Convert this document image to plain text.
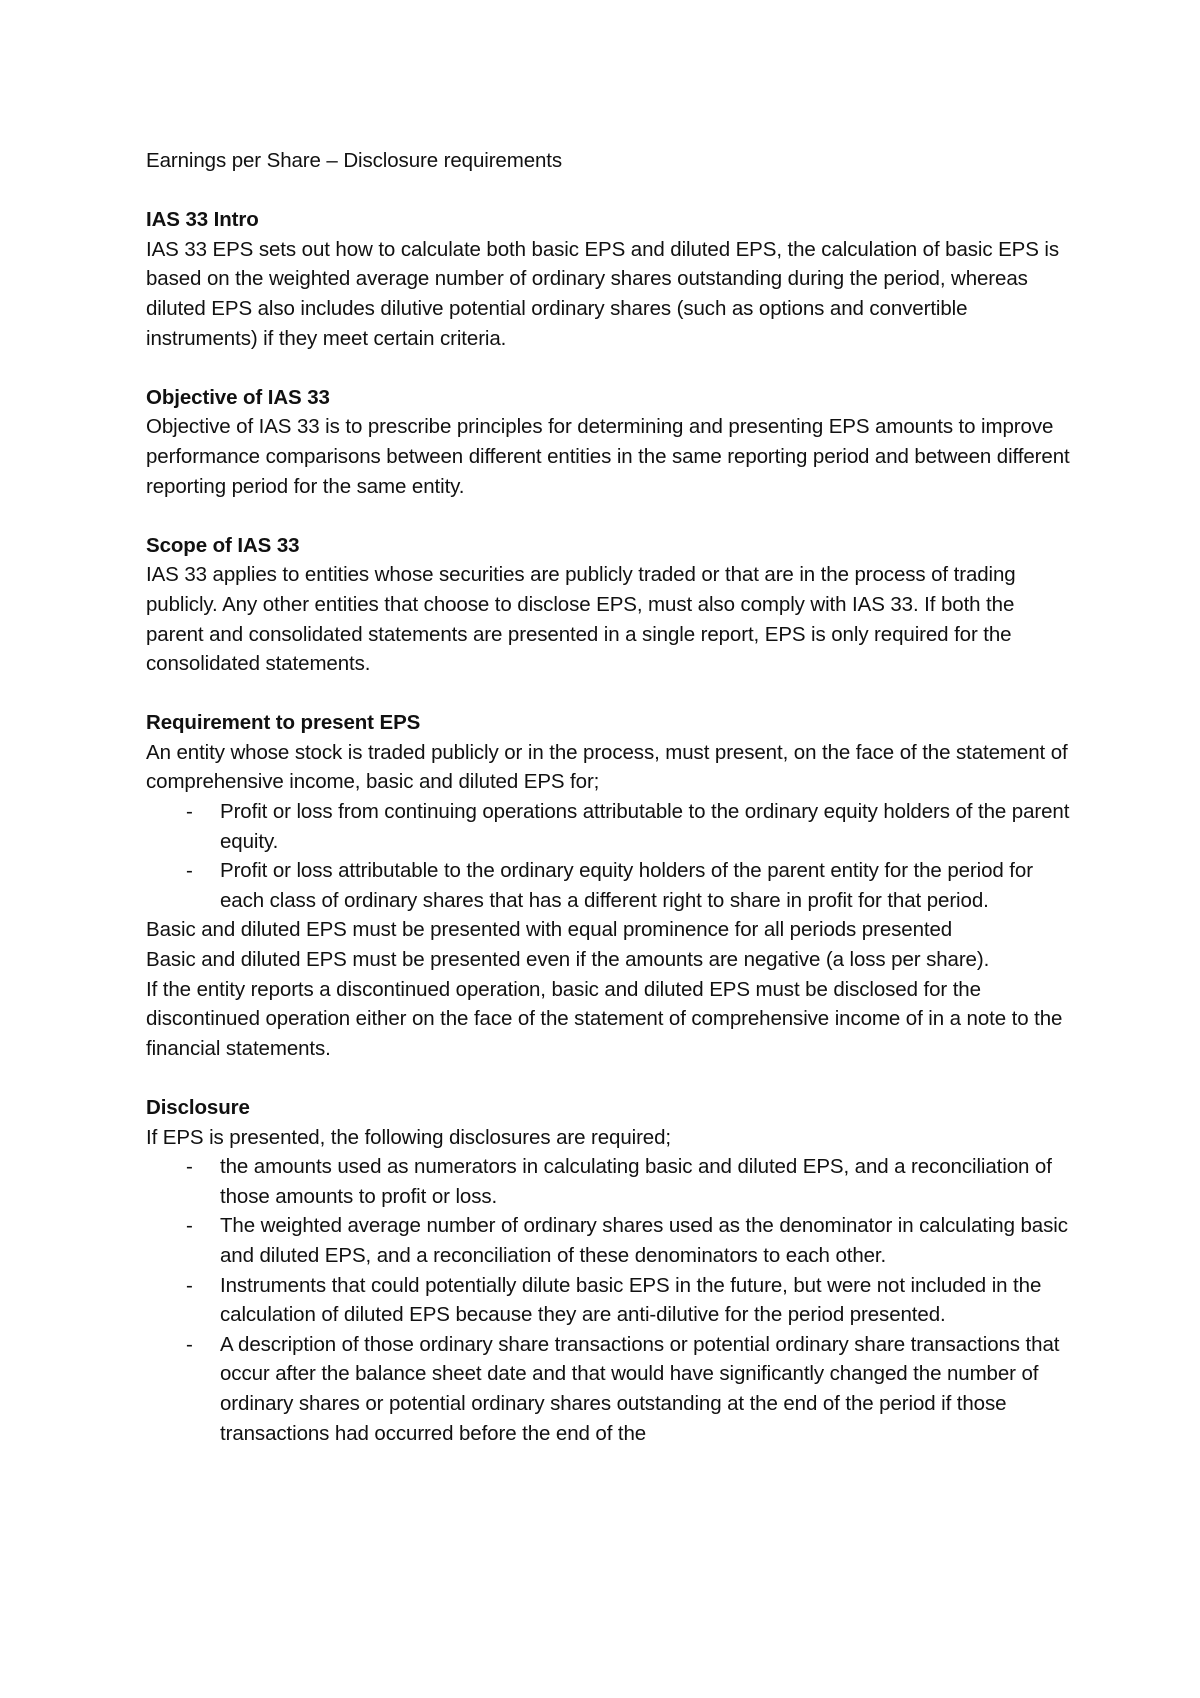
Earnings per Share – Disclosure requirements

IAS 33 Intro

IAS 33 EPS sets out how to calculate both basic EPS and diluted EPS, the calculation of basic EPS is based on the weighted average number of ordinary shares outstanding during the period, whereas diluted EPS also includes dilutive potential ordinary shares (such as options and convertible instruments) if they meet certain criteria.

Objective of IAS 33

Objective of IAS 33 is to prescribe principles for determining and presenting EPS amounts to improve performance comparisons between different entities in the same reporting period and between different reporting period for the same entity.

Scope of IAS 33

IAS 33 applies to entities whose securities are publicly traded or that are in the process of trading publicly. Any other entities that choose to disclose EPS, must also comply with IAS 33. If both the parent and consolidated statements are presented in a single report, EPS is only required for the consolidated statements.

Requirement to present EPS

An entity whose stock is traded publicly or in the process, must present, on the face of the statement of comprehensive income, basic and diluted EPS for;

- Profit or loss from continuing operations attributable to the ordinary equity holders of the parent equity.
- Profit or loss attributable to the ordinary equity holders of the parent entity for the period for each class of ordinary shares that has a different right to share in profit for that period.

Basic and diluted EPS must be presented with equal prominence for all periods presented

Basic and diluted EPS must be presented even if the amounts are negative (a loss per share).

If the entity reports a discontinued operation, basic and diluted EPS must be disclosed for the discontinued operation either on the face of the statement of comprehensive income of in a note to the financial statements.

Disclosure

If EPS is presented, the following disclosures are required;

- the amounts used as numerators in calculating basic and diluted EPS, and a reconciliation of those amounts to profit or loss.
- The weighted average number of ordinary shares used as the denominator in calculating basic and diluted EPS, and a reconciliation of these denominators to each other.
- Instruments that could potentially dilute basic EPS in the future, but were not included in the calculation of diluted EPS because they are anti-dilutive for the period presented.
- A description of those ordinary share transactions or potential ordinary share transactions that occur after the balance sheet date and that would have significantly changed the number of ordinary shares or potential ordinary shares outstanding at the end of the period if those transactions had occurred before the end of the
